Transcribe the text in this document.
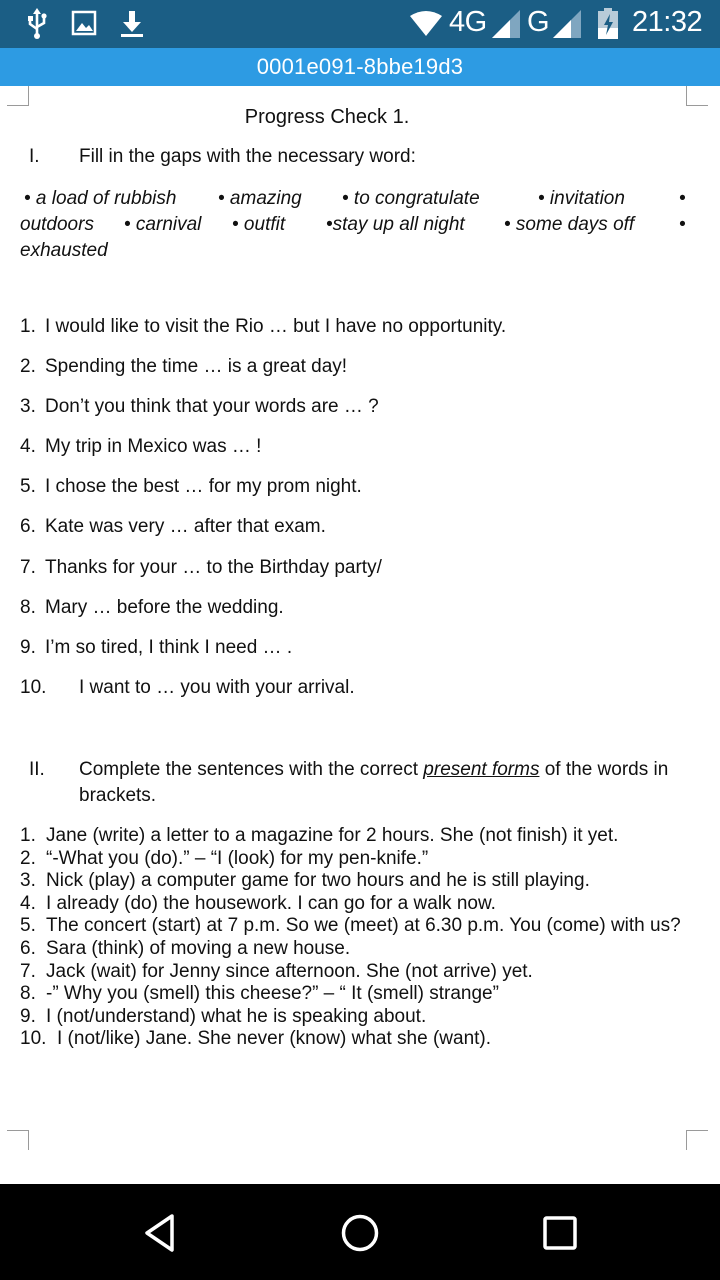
4G G	21:32
0001e091-8bbe19d3
Progress Check 1.
I. Fill in the gaps with the necessary word:
• a load of rubbish • amazing • to congratulate	• invitation	•
outdoors • carnival • outfit •stay up all night • some days off •
exhausted
1. I would like to visit the Rio … but I have no opportunity.
2. Spending the time … is a great day!
3. Don’t you think that your words are … ?
4. My trip in Mexico was … !
5. I chose the best … for my prom night.
6. Kate was very … after that exam.
7. Thanks for your … to the Birthday party/
8. Mary … before the wedding.
9. I’m so tired, I think I need … .
10. I want to … you with your arrival.
II. Complete the sentences with the correct present forms of the words in brackets.
1. Jane (write) a letter to a magazine for 2 hours. She (not finish) it yet.
2. “-What you (do).” – “I (look) for my pen-knife.”
3. Nick (play) a computer game for two hours and he is still playing.
4. I already (do) the housework. I can go for a walk now.
5. The concert (start) at 7 p.m. So we (meet) at 6.30 p.m. You (come) with us?
6. Sara (think) of moving a new house.
7. Jack (wait) for Jenny since afternoon. She (not arrive) yet.
8. -” Why you (smell) this cheese?” – “ It (smell) strange”
9. I (not/understand) what he is speaking about.
10. I (not/like) Jane. She never (know) what she (want).
